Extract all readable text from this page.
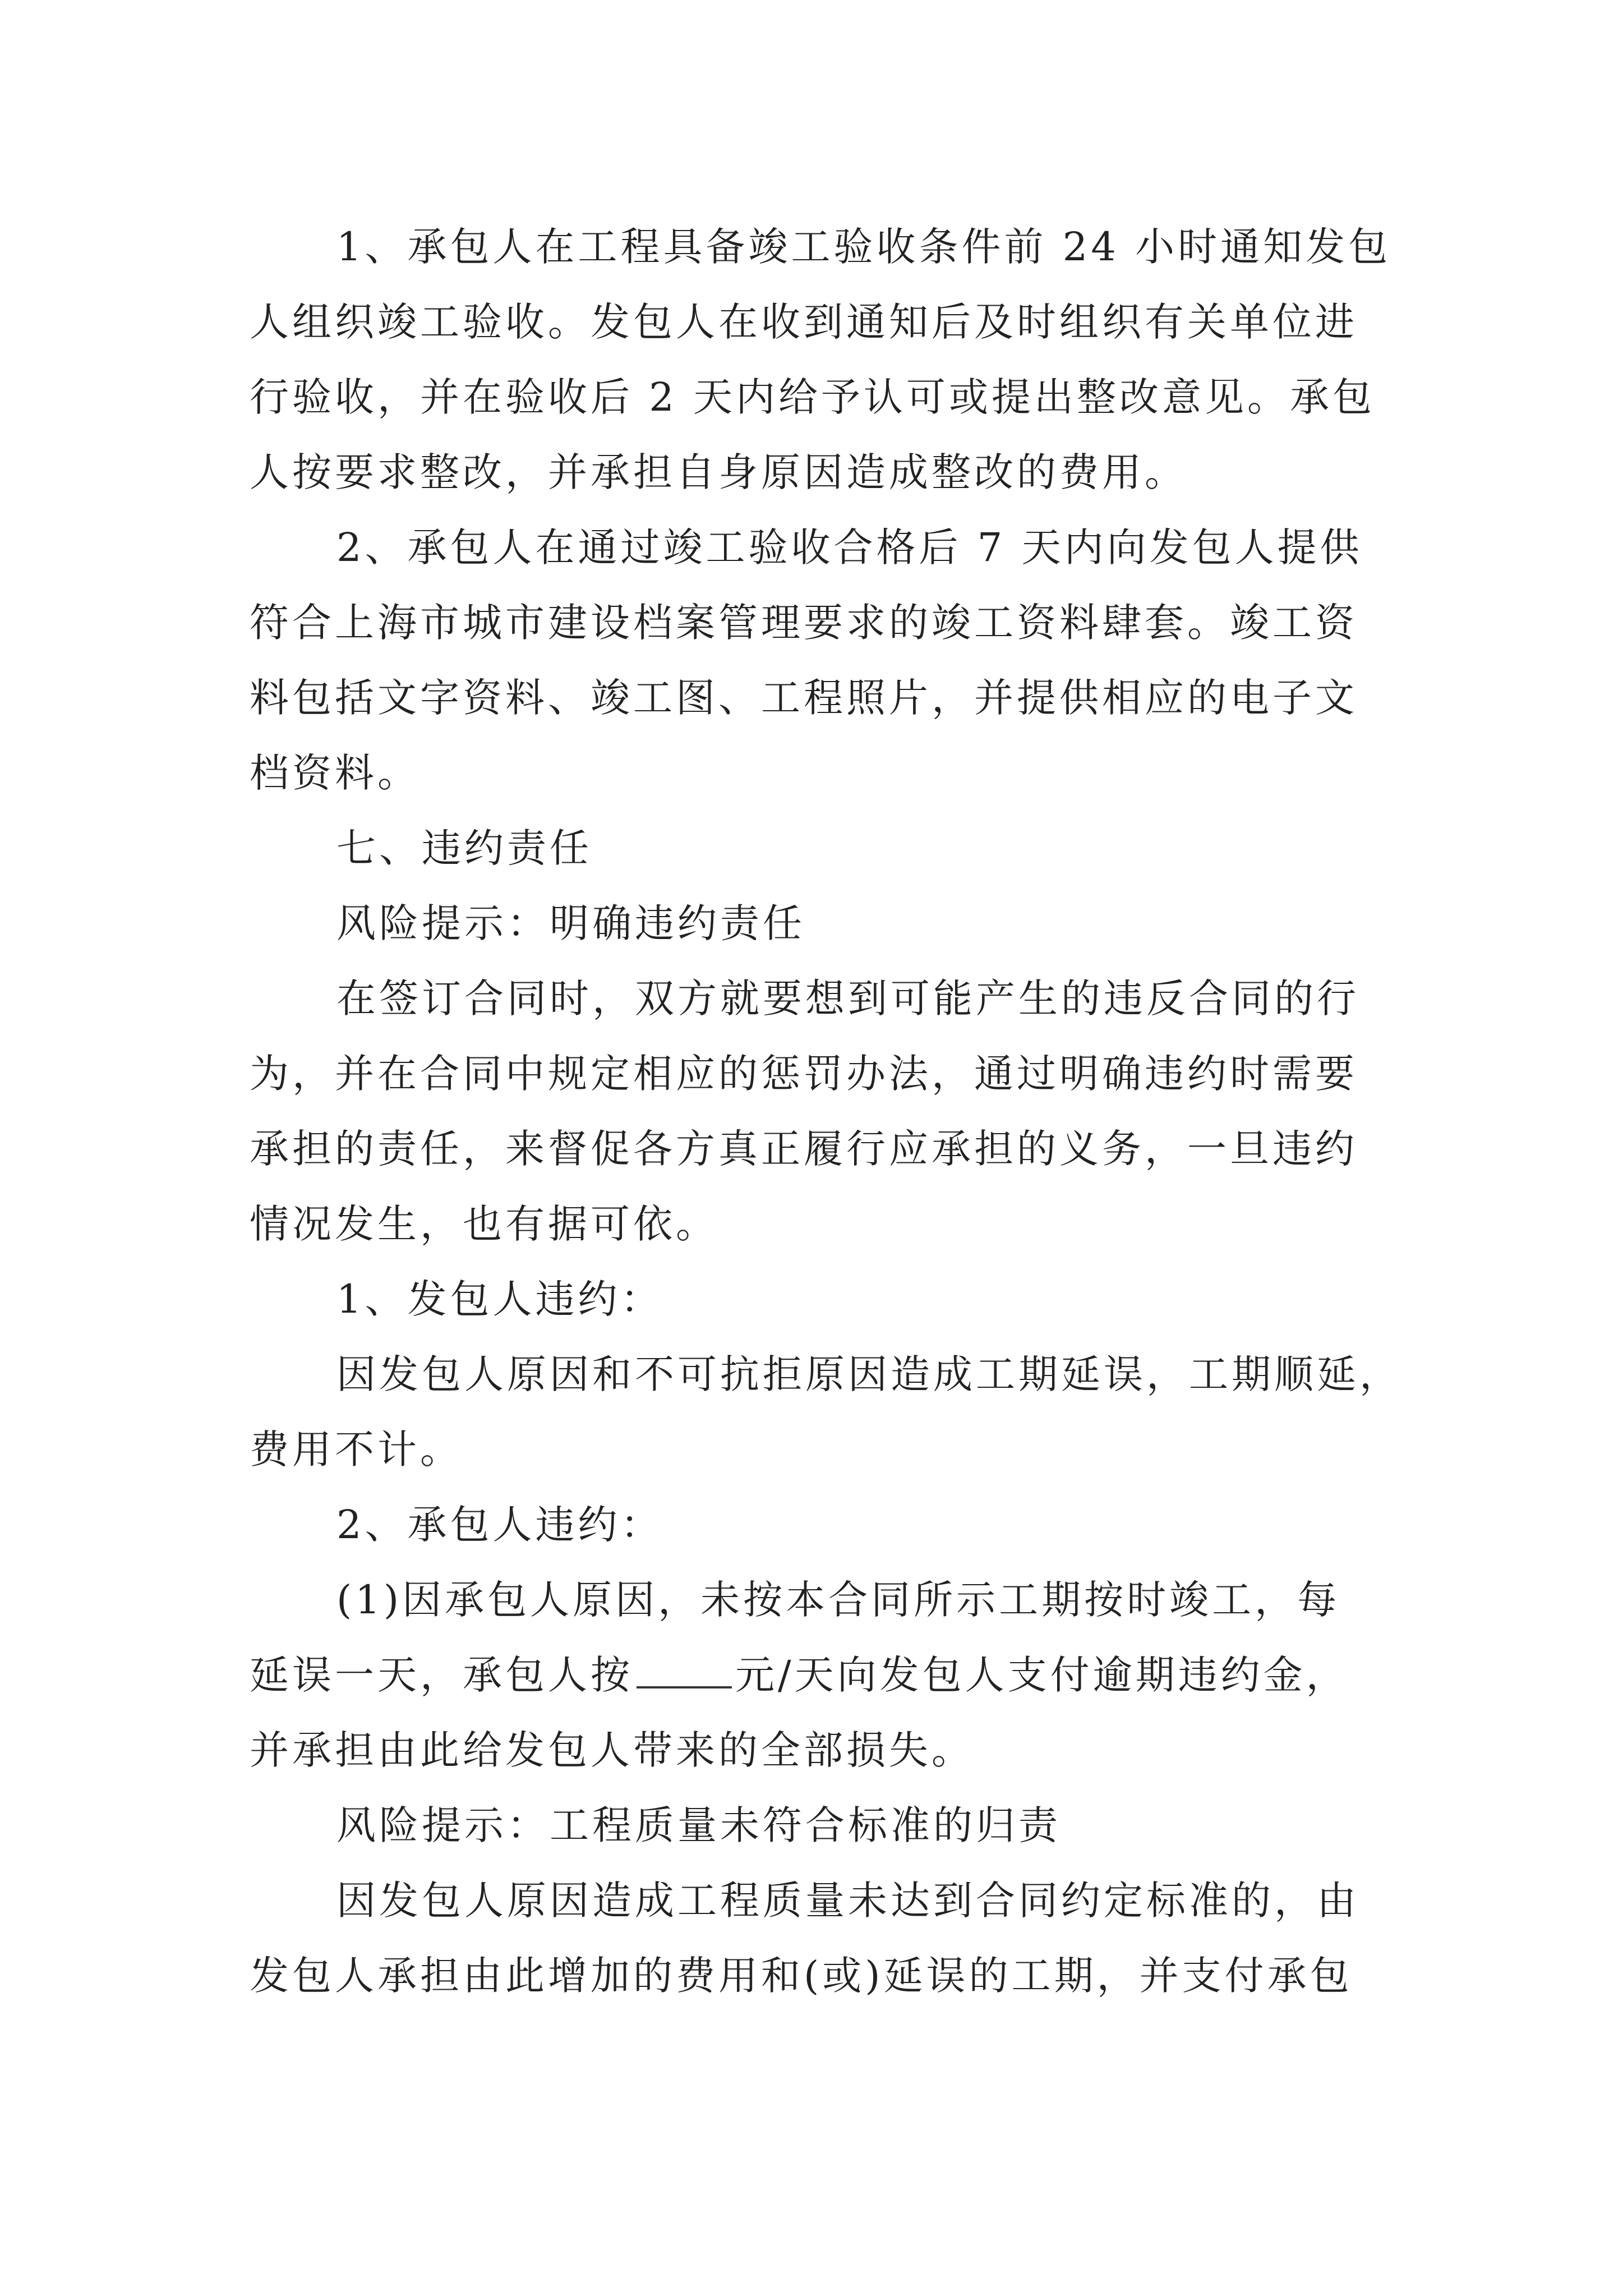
1、承包人在工程具备竣工验收条件前 24 小时通知发包
人组织竣工验收。发包人在收到通知后及时组织有关单位进
行验收，并在验收后 2 天内给予认可或提出整改意见。承包
人按要求整改，并承担自身原因造成整改的费用。
2、承包人在通过竣工验收合格后 7 天内向发包人提供
符合上海市城市建设档案管理要求的竣工资料肆套。竣工资
料包括文字资料、竣工图、工程照片，并提供相应的电子文
档资料。
七、违约责任
风险提示：明确违约责任
在签订合同时，双方就要想到可能产生的违反合同的行
为，并在合同中规定相应的惩罚办法，通过明确违约时需要
承担的责任，来督促各方真正履行应承担的义务，一旦违约
情况发生，也有据可依。
1、发包人违约：
因发包人原因和不可抗拒原因造成工期延误，工期顺延，
费用不计。
2、承包人违约：
(1)因承包人原因，未按本合同所示工期按时竣工，每
延误一天，承包人按	元/天向发包人支付逾期违约金，
并承担由此给发包人带来的全部损失。
风险提示：工程质量未符合标准的归责
因发包人原因造成工程质量未达到合同约定标准的，由
发包人承担由此增加的费用和(或)延误的工期，并支付承包
